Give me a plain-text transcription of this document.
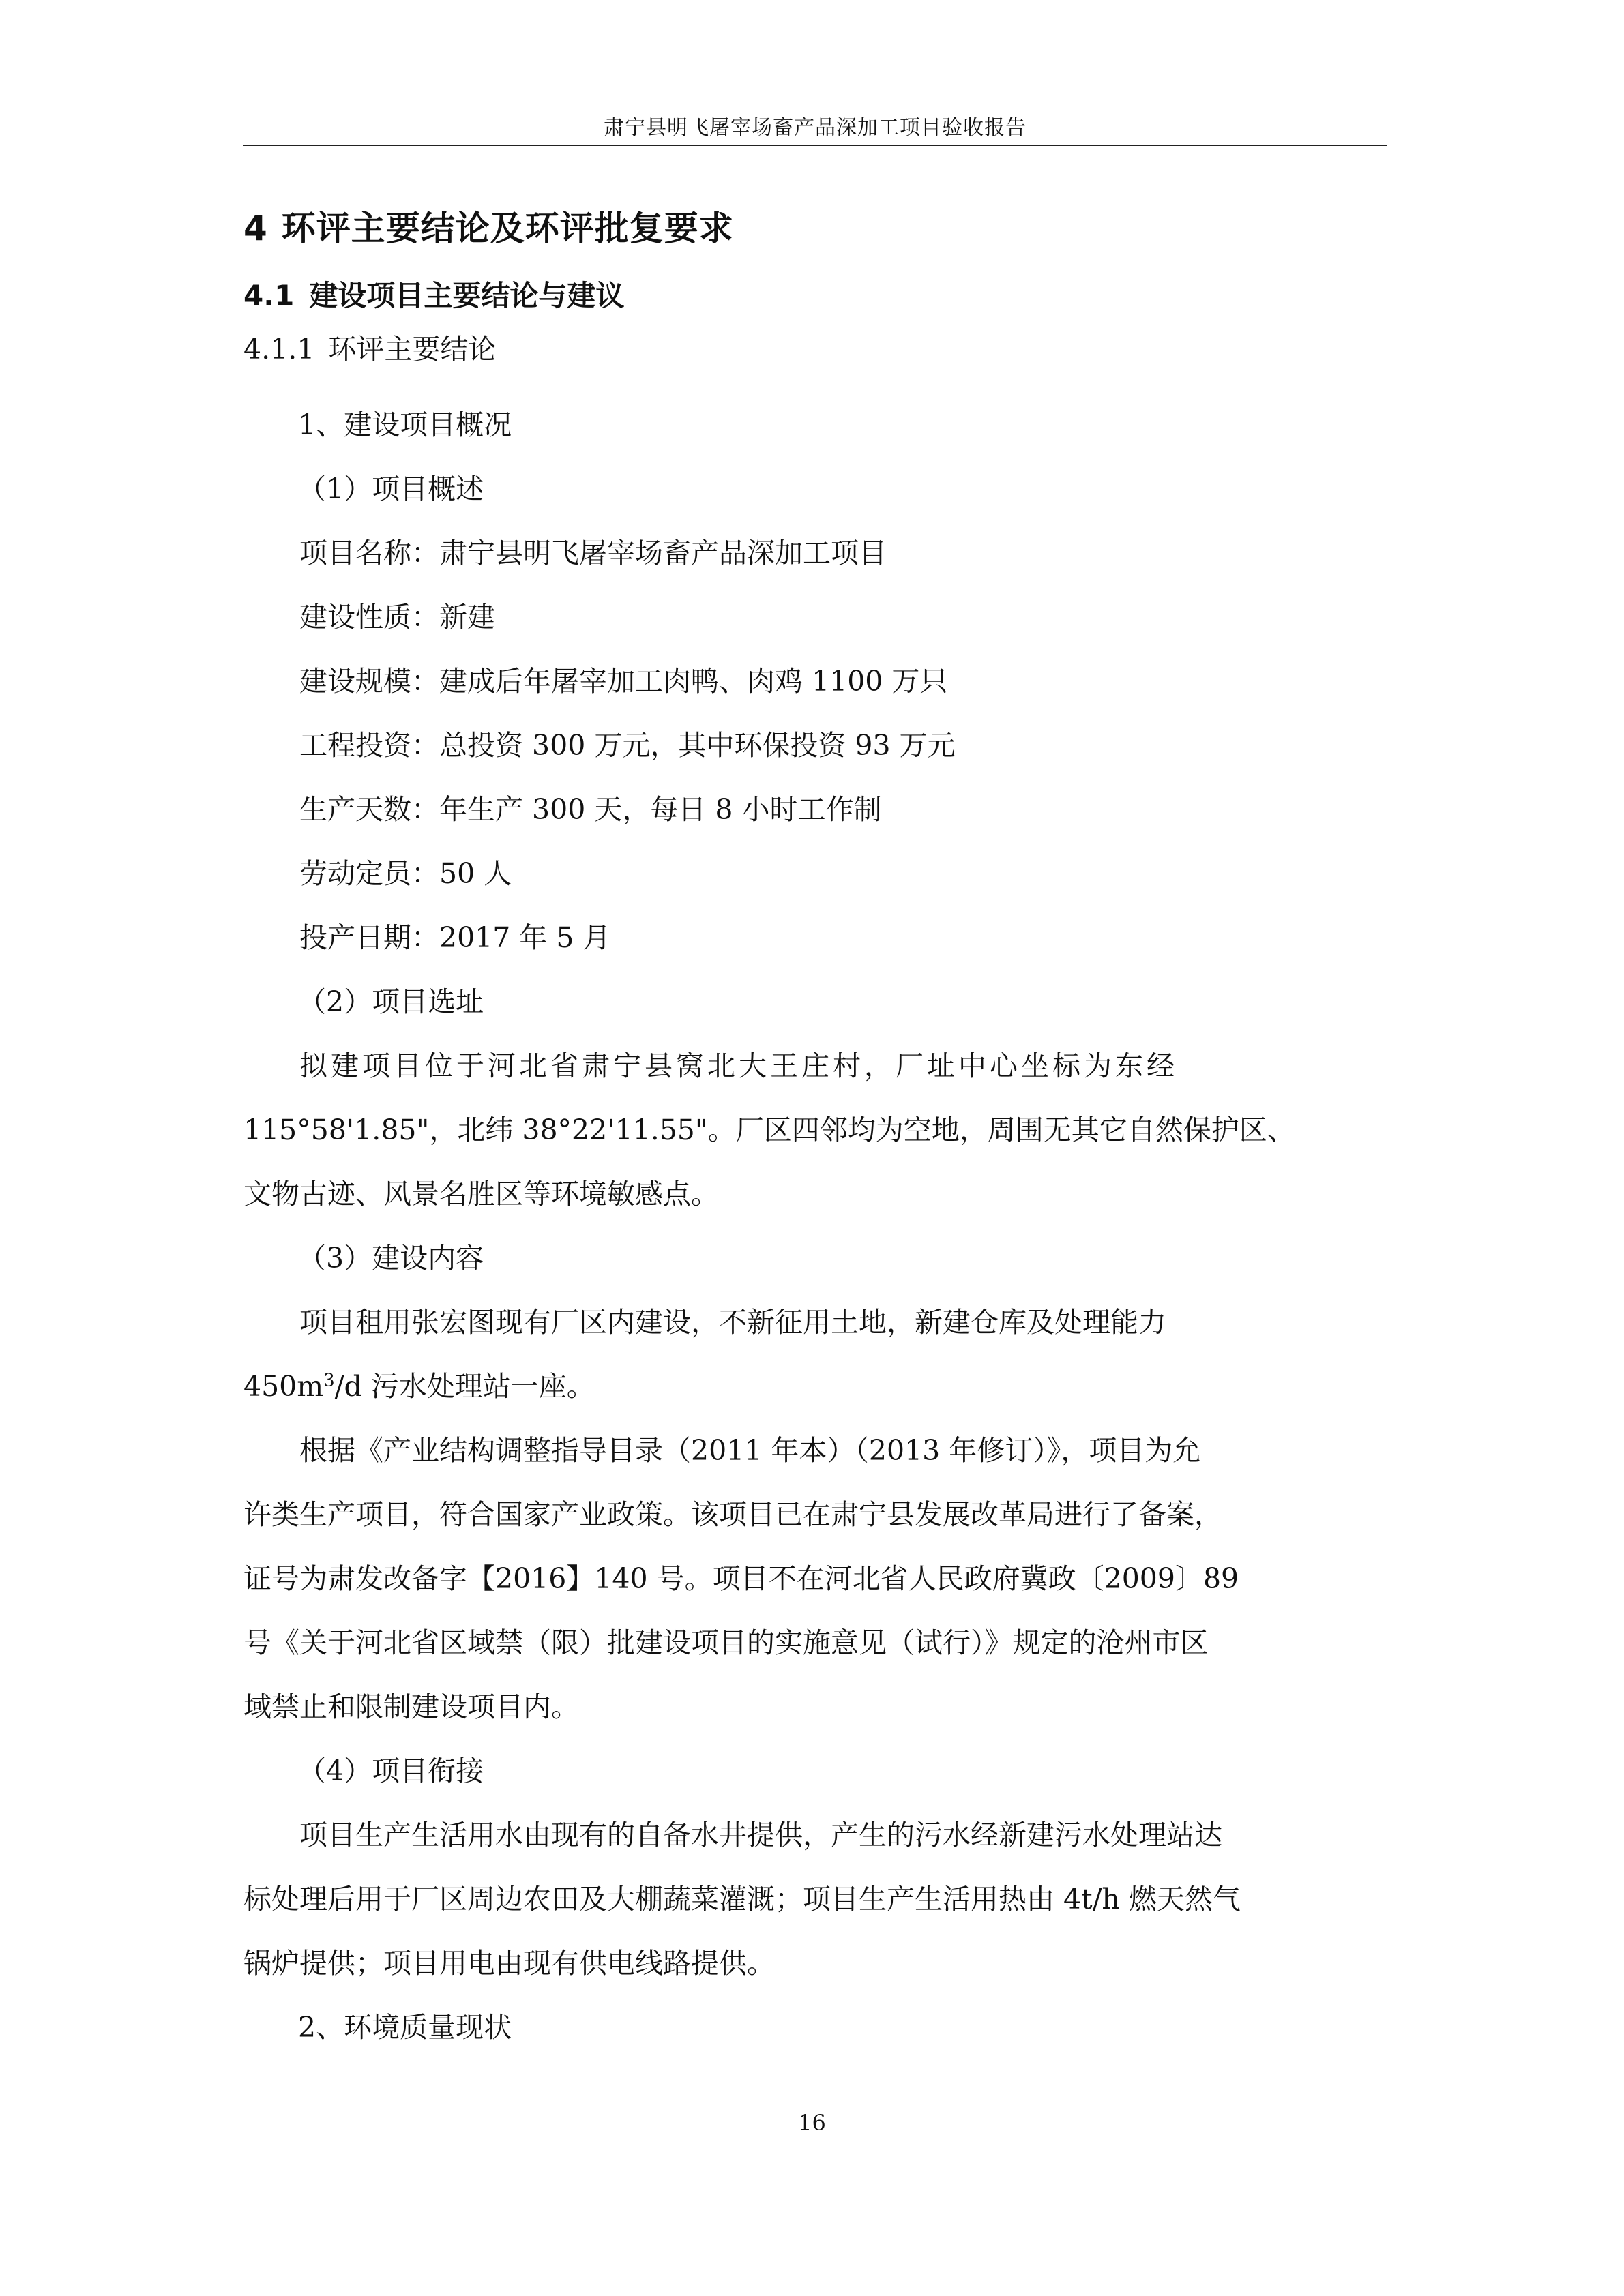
肃宁县明飞屠宰场畜产品深加工项目验收报告
4 环评主要结论及环评批复要求
4.1 建设项目主要结论与建议
4.1.1 环评主要结论

1、建设项目概况

（1）项目概述

项目名称：肃宁县明飞屠宰场畜产品深加工项目

建设性质：新建

建设规模：建成后年屠宰加工肉鸭、肉鸡 1100 万只

工程投资：总投资 300 万元，其中环保投资 93 万元

生产天数：年生产 300 天，每日 8 小时工作制

劳动定员：50 人

投产日期：2017 年 5 月

（2）项目选址

拟建项目位于河北省肃宁县窝北大王庄村，厂址中心坐标为东经

115°58'1.85"，北纬 38°22'11.55"。厂区四邻均为空地，周围无其它自然保护区、

文物古迹、风景名胜区等环境敏感点。

（3）建设内容

项目租用张宏图现有厂区内建设，不新征用土地，新建仓库及处理能力

$450m^3/d$ 污水处理站一座。

根据《产业结构调整指导目录（2011 年本）（2013 年修订）》，项目为允

许类生产项目，符合国家产业政策。该项目已在肃宁县发展改革局进行了备案，

证号为肃发改备字【2016】140 号。项目不在河北省人民政府冀政〔2009〕89

号《关于河北省区域禁（限）批建设项目的实施意见（试行）》规定的沧州市区

域禁止和限制建设项目内。

（4）项目衔接

项目生产生活用水由现有的自备水井提供，产生的污水经新建污水处理站达

标处理后用于厂区周边农田及大棚蔬菜灌溉；项目生产生活用热由 4t/h 燃天然气

锅炉提供；项目用电由现有供电线路提供。

2、环境质量现状

16
